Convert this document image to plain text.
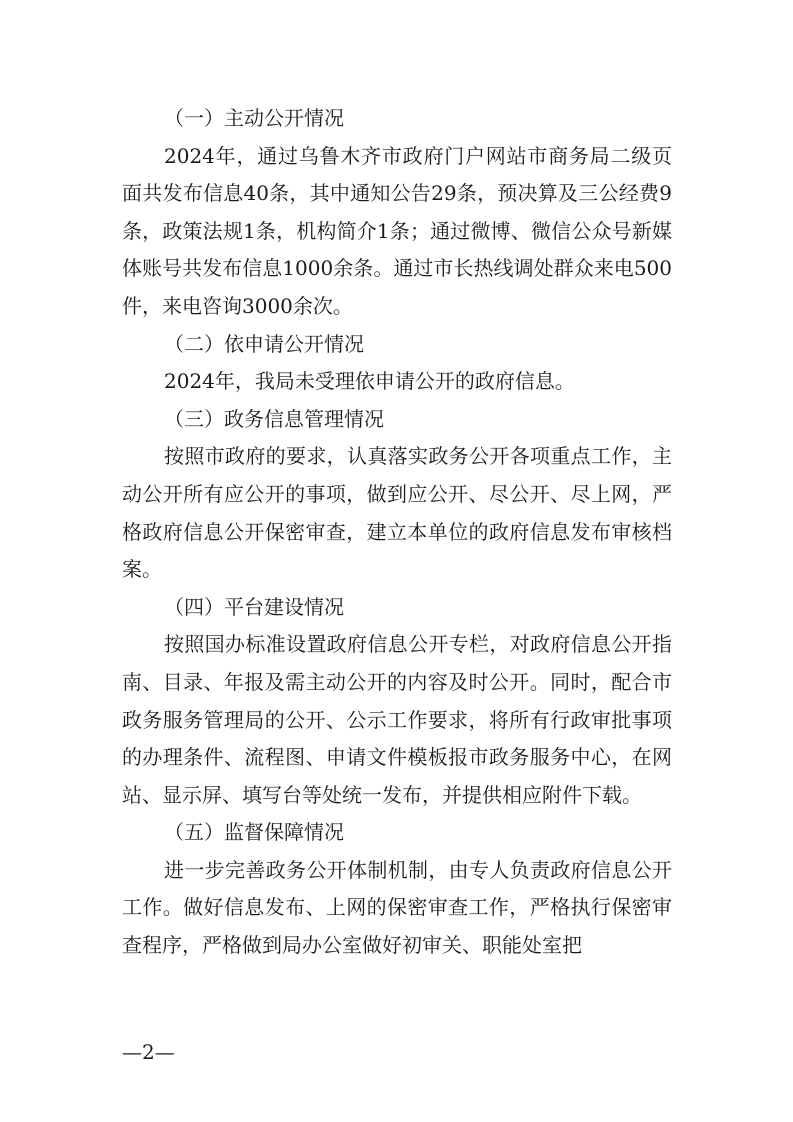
（一）主动公开情况

2024年，通过乌鲁木齐市政府门户网站市商务局二级页面共发布信息40条，其中通知公告29条，预决算及三公经费9条，政策法规1条，机构简介1条；通过微博、微信公众号新媒体账号共发布信息1000余条。通过市长热线调处群众来电500件，来电咨询3000余次。

（二）依申请公开情况

2024年，我局未受理依申请公开的政府信息。

（三）政务信息管理情况

按照市政府的要求，认真落实政务公开各项重点工作，主动公开所有应公开的事项，做到应公开、尽公开、尽上网，严格政府信息公开保密审查，建立本单位的政府信息发布审核档案。

（四）平台建设情况

按照国办标准设置政府信息公开专栏，对政府信息公开指南、目录、年报及需主动公开的内容及时公开。同时，配合市政务服务管理局的公开、公示工作要求，将所有行政审批事项的办理条件、流程图、申请文件模板报市政务服务中心，在网站、显示屏、填写台等处统一发布，并提供相应附件下载。

（五）监督保障情况

进一步完善政务公开体制机制，由专人负责政府信息公开工作。做好信息发布、上网的保密审查工作，严格执行保密审查程序，严格做到局办公室做好初审关、职能处室把

—2—
